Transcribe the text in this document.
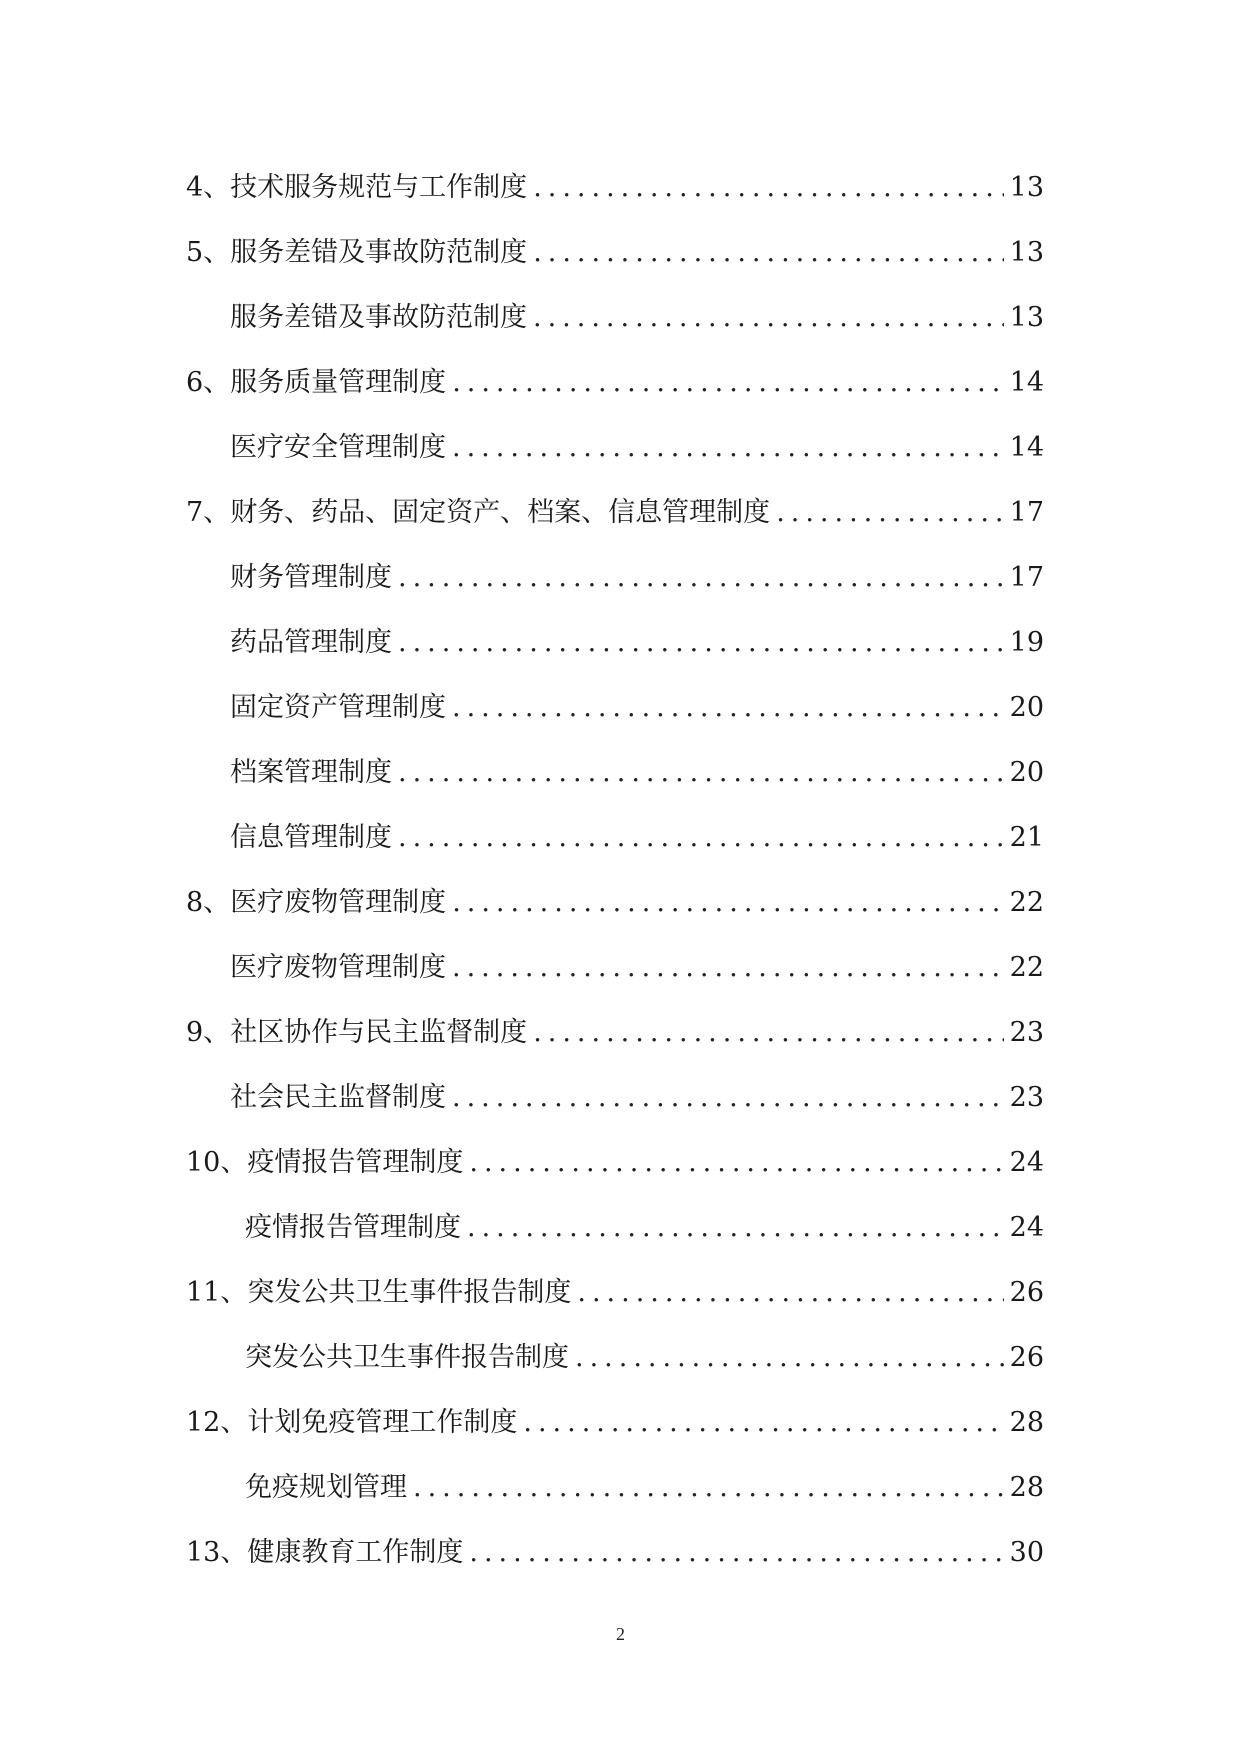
4、 技术服务规范与工作制度 .....	13
5、 服务差错及事故防范制度 .....	13
服务差错及事故防范制度 .....	13
6、 服务质量管理制度 .....	14
医疗安全管理制度 .....	14
7、 财务、药品、固定资产、档案、信息管理制度 .....	17
财务管理制度 .....	17
药品管理制度 .....	19
固定资产管理制度 .....	20
档案管理制度 .....	20
信息管理制度 .....	21
8、 医疗废物管理制度 .....	22
医疗废物管理制度 .....	22
9、 社区协作与民主监督制度 .....	23
社会民主监督制度 .....	23
10、 疫情报告管理制度 .....	24
疫情报告管理制度 .....	24
11、 突发公共卫生事件报告制度 .....	26
突发公共卫生事件报告制度 .....	26
12、 计划免疫管理工作制度 .....	28
免疫规划管理 .....	28
13、 健康教育工作制度 .....	30
2
